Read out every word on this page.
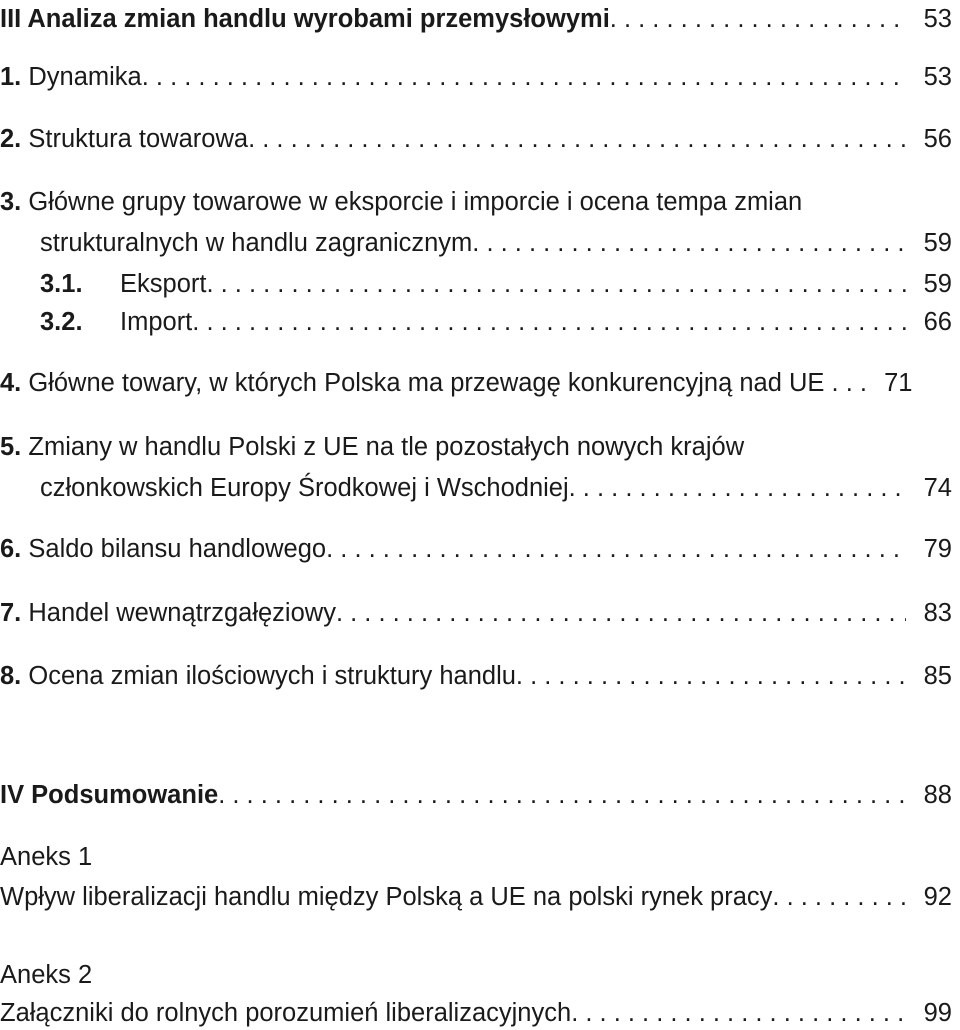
III Analiza zmian handlu wyrobami przemysłowymi . . .	53
1. Dynamika . . .	53
2. Struktura towarowa . . .	56
3. Główne grupy towarowe w eksporcie i imporcie i ocena tempa zmian
strukturalnych w handlu zagranicznym . . .	59
3.1. Eksport . . .	59
3.2. Import . . .	66
4. Główne towary, w których Polska ma przewagę konkurencyjną nad UE . . . 71
5. Zmiany w handlu Polski z UE na tle pozostałych nowych krajów
członkowskich Europy Środkowej i Wschodniej . . .	74
6. Saldo bilansu handlowego . . .	79
7. Handel wewnątrzgałęziowy . . .	83
8. Ocena zmian ilościowych i struktury handlu . . .	85
IV Podsumowanie . . .	88
Aneks 1
Wpływ liberalizacji handlu między Polską a UE na polski rynek pracy . . .	92
Aneks 2
Załączniki do rolnych porozumień liberalizacyjnych . . .	99
